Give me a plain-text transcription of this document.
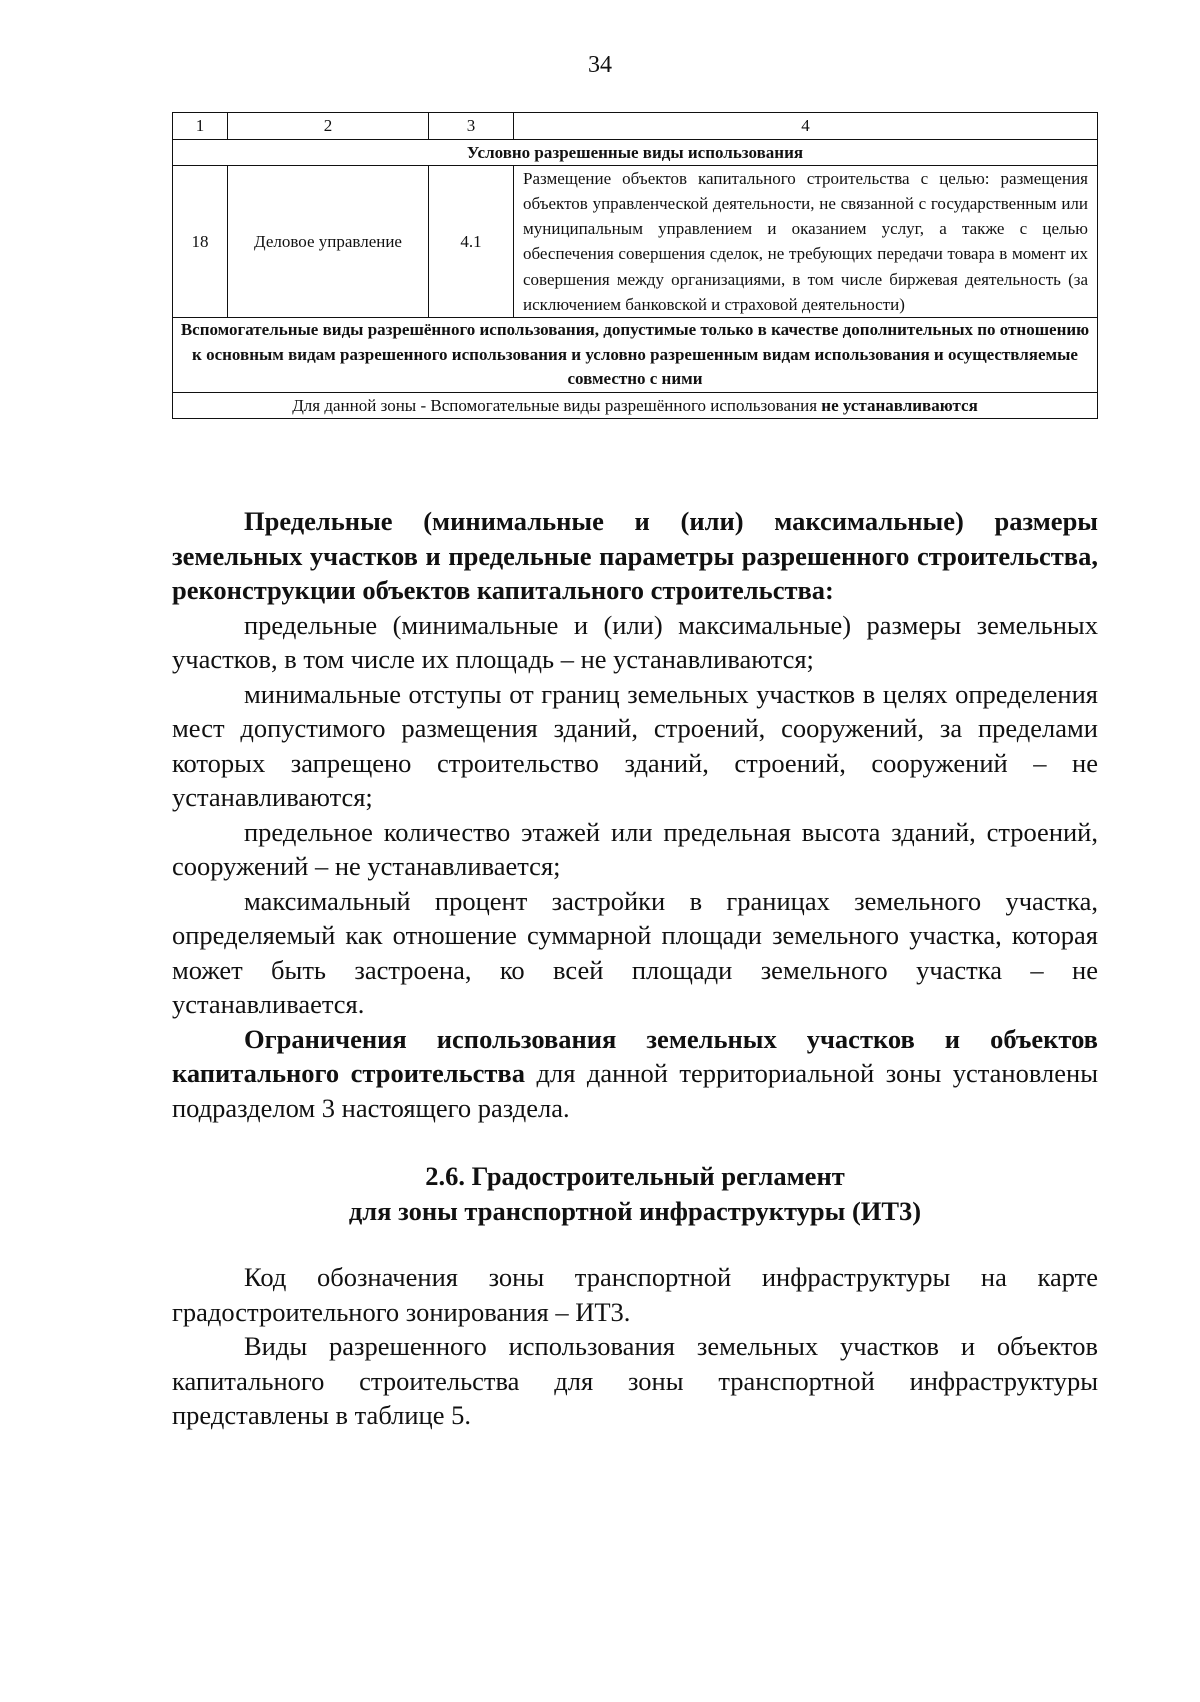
34
1	2	3	4
Условно разрешенные виды использования			
18	Деловое управление	4.1	Размещение объектов капитального строительства с целью: размещения объектов управленческой деятельности, не связанной с государственным или муниципальным управлением и оказанием услуг, а также с целью обеспечения совершения сделок, не требующих передачи товара в момент их совершения между организациями, в том числе биржевая деятельность (за исключением банковской и страховой деятельности)
Вспомогательные виды разрешённого использования, допустимые только в качестве дополнительных по отношению к основным видам разрешенного использования и условно разрешенным видам использования и осуществляемые совместно с ними			
Для данной зоны - Вспомогательные виды разрешённого использования не устанавливаются			

Предельные (минимальные и (или) максимальные) размеры земельных участков и предельные параметры разрешенного строительства, реконструкции объектов капитального строительства:

предельные (минимальные и (или) максимальные) размеры земельных участков, в том числе их площадь – не устанавливаются;

минимальные отступы от границ земельных участков в целях определения мест допустимого размещения зданий, строений, сооружений, за пределами которых запрещено строительство зданий, строений, сооружений – не устанавливаются;

предельное количество этажей или предельная высота зданий, строений, сооружений – не устанавливается;

максимальный процент застройки в границах земельного участка, определяемый как отношение суммарной площади земельного участка, которая может быть застроена, ко всей площади земельного участка – не устанавливается.

Ограничения использования земельных участков и объектов капитального строительства для данной территориальной зоны установлены подразделом 3 настоящего раздела.

2.6. Градостроительный регламент
для зоны транспортной инфраструктуры (ИТ3)

Код обозначения зоны транспортной инфраструктуры на карте градостроительного зонирования – ИТ3.

Виды разрешенного использования земельных участков и объектов капитального строительства для зоны транспортной инфраструктуры представлены в таблице 5.
